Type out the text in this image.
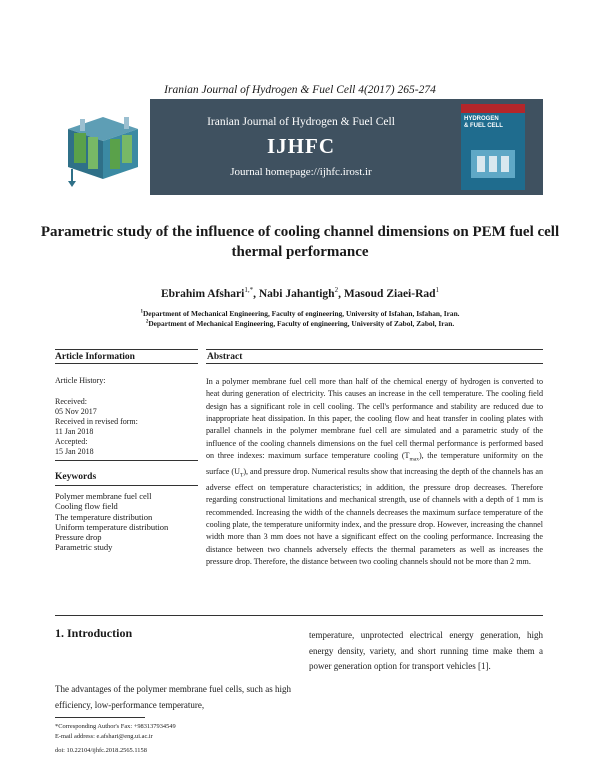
Iranian Journal of Hydrogen & Fuel Cell 4(2017) 265-274
Iranian Journal of Hydrogen & Fuel Cell
IJHFC
Journal homepage://ijhfc.irost.ir
HYDROGEN
& FUEL CELL
Parametric study of the influence of cooling channel dimensions on PEM fuel cell thermal performance
Ebrahim Afshari$^{1,*}$, Nabi Jahantigh$^2$, Masoud Ziaei-Rad$^1$
$^1$Department of Mechanical Engineering, Faculty of engineering, University of Isfahan, Isfahan, Iran.
$^2$Department of Mechanical Engineering, Faculty of engineering, University of Zabol, Zabol, Iran.
Article Information	Abstract
Article History:
Received:
05 Nov 2017
Received in revised form:
11 Jan 2018
Accepted:
15 Jan 2018
Keywords
Polymer membrane fuel cell
Cooling flow field
The temperature distribution
Uniform temperature distribution
Pressure drop
Parametric study
In a polymer membrane fuel cell more than half of the chemical energy of hydrogen is converted to heat during generation of electricity. This causes an increase in the cell temperature. The cooling field design has a significant role in cell cooling. The cell's performance and stability are reduced due to inappropriate heat dissipation. In this paper, the cooling flow and heat transfer in cooling plates with parallel channels in the polymer membrane fuel cell are simulated and a parametric study of the influence of the cooling channels dimensions on the fuel cell thermal performance is performed based on three indexes: maximum surface temperature cooling $(T_{max})$, the temperature uniformity on the surface $(U_T)$, and pressure drop. Numerical results show that increasing the depth of the channels has an adverse effect on temperature characteristics; in addition, the pressure drop decreases. Therefore regarding constructional limitations and mechanical strength, use of channels with a depth of 1 mm is recommended. Increasing the width of the channels decreases the maximum surface temperature of the cooling plate, the temperature uniformity index, and the pressure drop. However, increasing the channel width more than 3 mm does not have a significant effect on the cooling performance. Increasing the distance between two channels adversely effects the thermal parameters as well as increases the pressure drop. Therefore, the distance between two cooling channels should not be more than 2 mm.
1. Introduction
The advantages of the polymer membrane fuel cells, such as high efficiency, low-performance temperature,
temperature, unprotected electrical energy generation, high energy density, variety, and short running time make them a power generation option for transport vehicles [1].
*Corresponding Author's Fax: +983137934549
E-mail address: e.afshari@eng.ui.ac.ir
doi: 10.22104/ijhfc.2018.2565.1158
